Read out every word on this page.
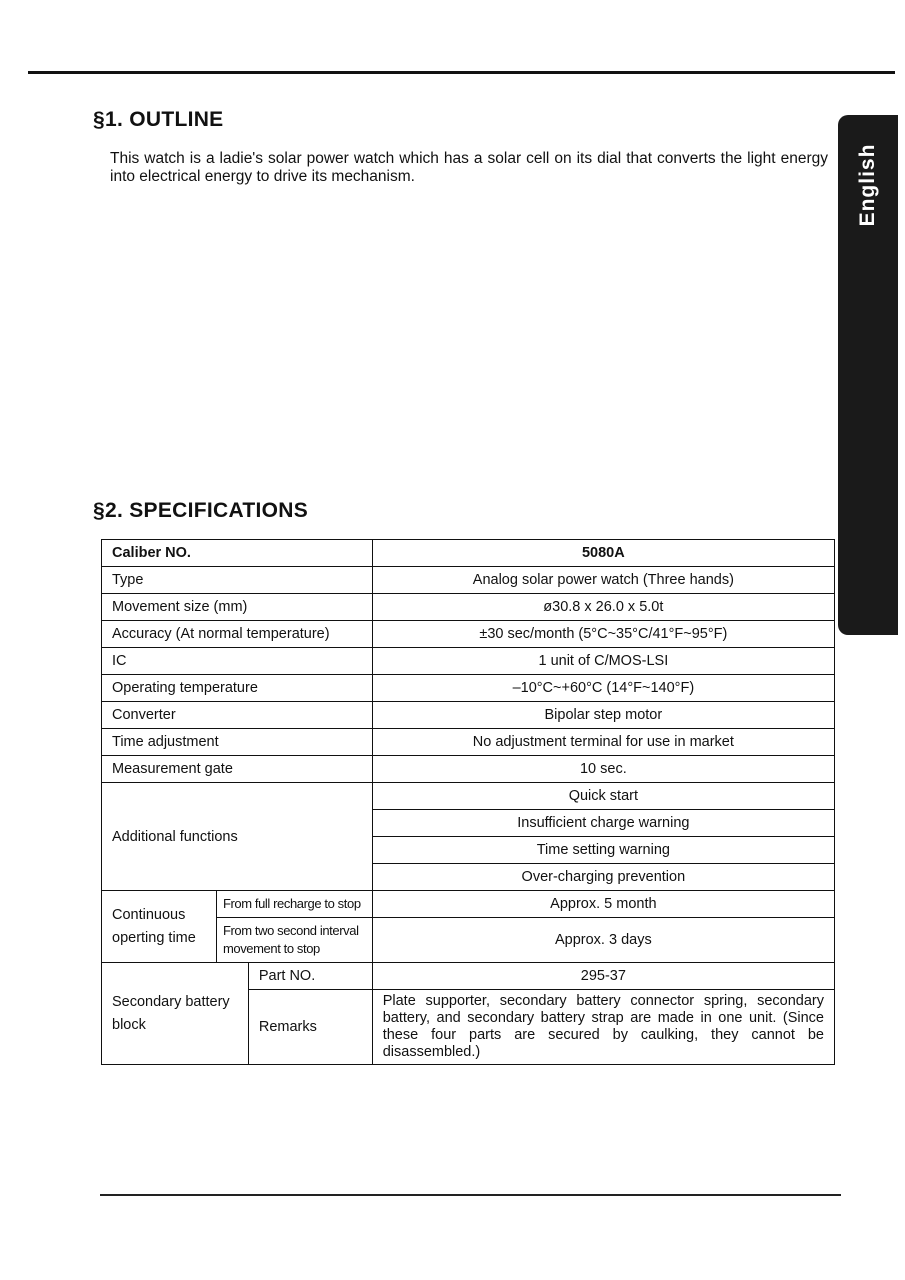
English
§1. OUTLINE

This watch is a ladie's solar power watch which has a solar cell on its dial that converts the light energy into electrical energy to drive its mechanism.

§2. SPECIFICATIONS
Caliber NO.			5080A
Type			Analog solar power watch (Three hands)
Movement size (mm)			ø30.8 x 26.0 x 5.0t
Accuracy (At normal temperature)			±30 sec/month (5°C~35°C/41°F~95°F)
IC			1 unit of C/MOS-LSI
Operating temperature			–10°C~+60°C (14°F~140°F)
Converter			Bipolar step motor
Time adjustment			No adjustment terminal for use in market
Measurement gate			10 sec.
Additional functions			Quick start
			Insufficient charge warning
			Time setting warning
			Over-charging prevention
Continuous operting time	From full recharge to stop		Approx. 5 month
	From two second interval movement to stop		Approx. 3 days
Secondary battery block		Part NO.	295-37
		Remarks	Plate supporter, secondary battery connector spring, secondary battery, and secondary battery strap are made in one unit. (Since these four parts are secured by caulking, they cannot be disassembled.)
